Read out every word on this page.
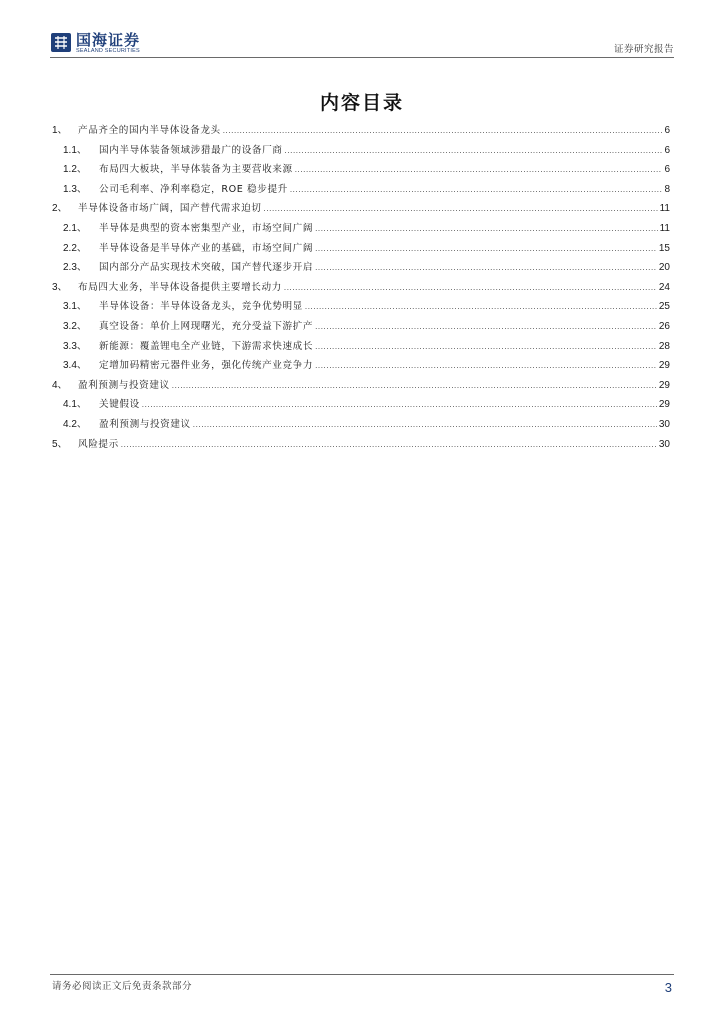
国海证券
SEALAND SECURITIES	证券研究报告
内容目录
1、	产品齐全的国内半导体设备龙头 .....	6
1.1、	国内半导体装备领域涉猎最广的设备厂商 .....	6
1.2、	布局四大板块，半导体装备为主要营收来源 .....	6
1.3、	公司毛利率、净利率稳定，ROE 稳步提升 .....	8
2、	半导体设备市场广阔，国产替代需求迫切 .....	11
2.1、	半导体是典型的资本密集型产业，市场空间广阔 .....	11
2.2、	半导体设备是半导体产业的基础，市场空间广阔 .....	15
2.3、	国内部分产品实现技术突破，国产替代逐步开启 .....	20
3、	布局四大业务，半导体设备提供主要增长动力 .....	24
3.1、	半导体设备：半导体设备龙头，竞争优势明显 .....	25
3.2、	真空设备：单价上网现曙光，充分受益下游扩产 .....	26
3.3、	新能源：覆盖锂电全产业链，下游需求快速成长 .....	28
3.4、	定增加码精密元器件业务，强化传统产业竞争力 .....	29
4、	盈利预测与投资建议 .....	29
4.1、	关键假设 .....	29
4.2、	盈利预测与投资建议 .....	30
5、	风险提示 .....	30
请务必阅读正文后免责条款部分	3
